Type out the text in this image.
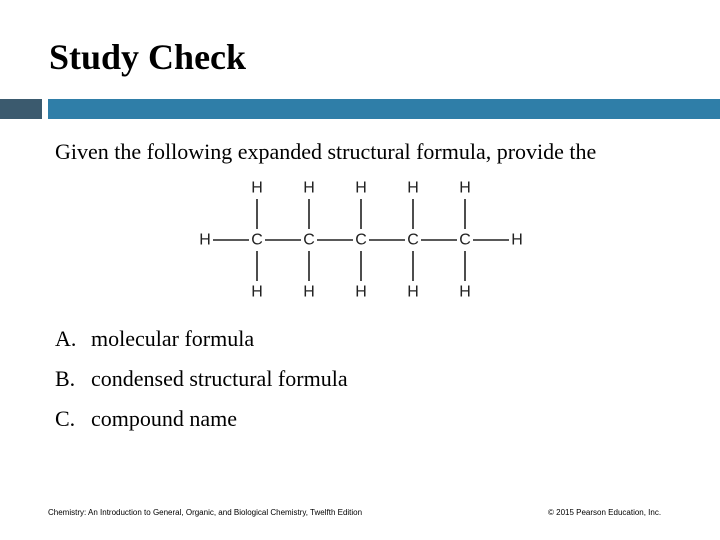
Study Check
Given the following expanded structural formula, provide the
H	H
C
H
H
C
H
H
C
H
H
C
H
H
C
H
H
A. molecular formula
B. condensed structural formula
C. compound name
Chemistry: An Introduction to General, Organic, and Biological Chemistry, Twelfth Edition	© 2015 Pearson Education, Inc.
